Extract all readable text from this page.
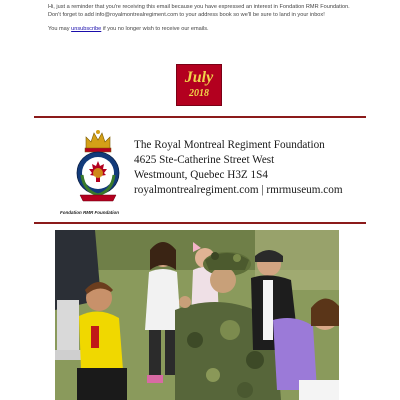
Hi, just a reminder that you're receiving this email because you have expressed an interest in Fondation RMR Foundation. Don't forget to add info@royalmontrealregiment.com to your address book so we'll be sure to land in your inbox!

You may unsubscribe if you no longer wish to receive our emails.

July
2018
Fondation RMR Foundation
The Royal Montreal Regiment Foundation
4625 Ste-Catherine Street West
Westmount, Quebec H3Z 1S4
royalmontrealregiment.com | rmrmuseum.com
